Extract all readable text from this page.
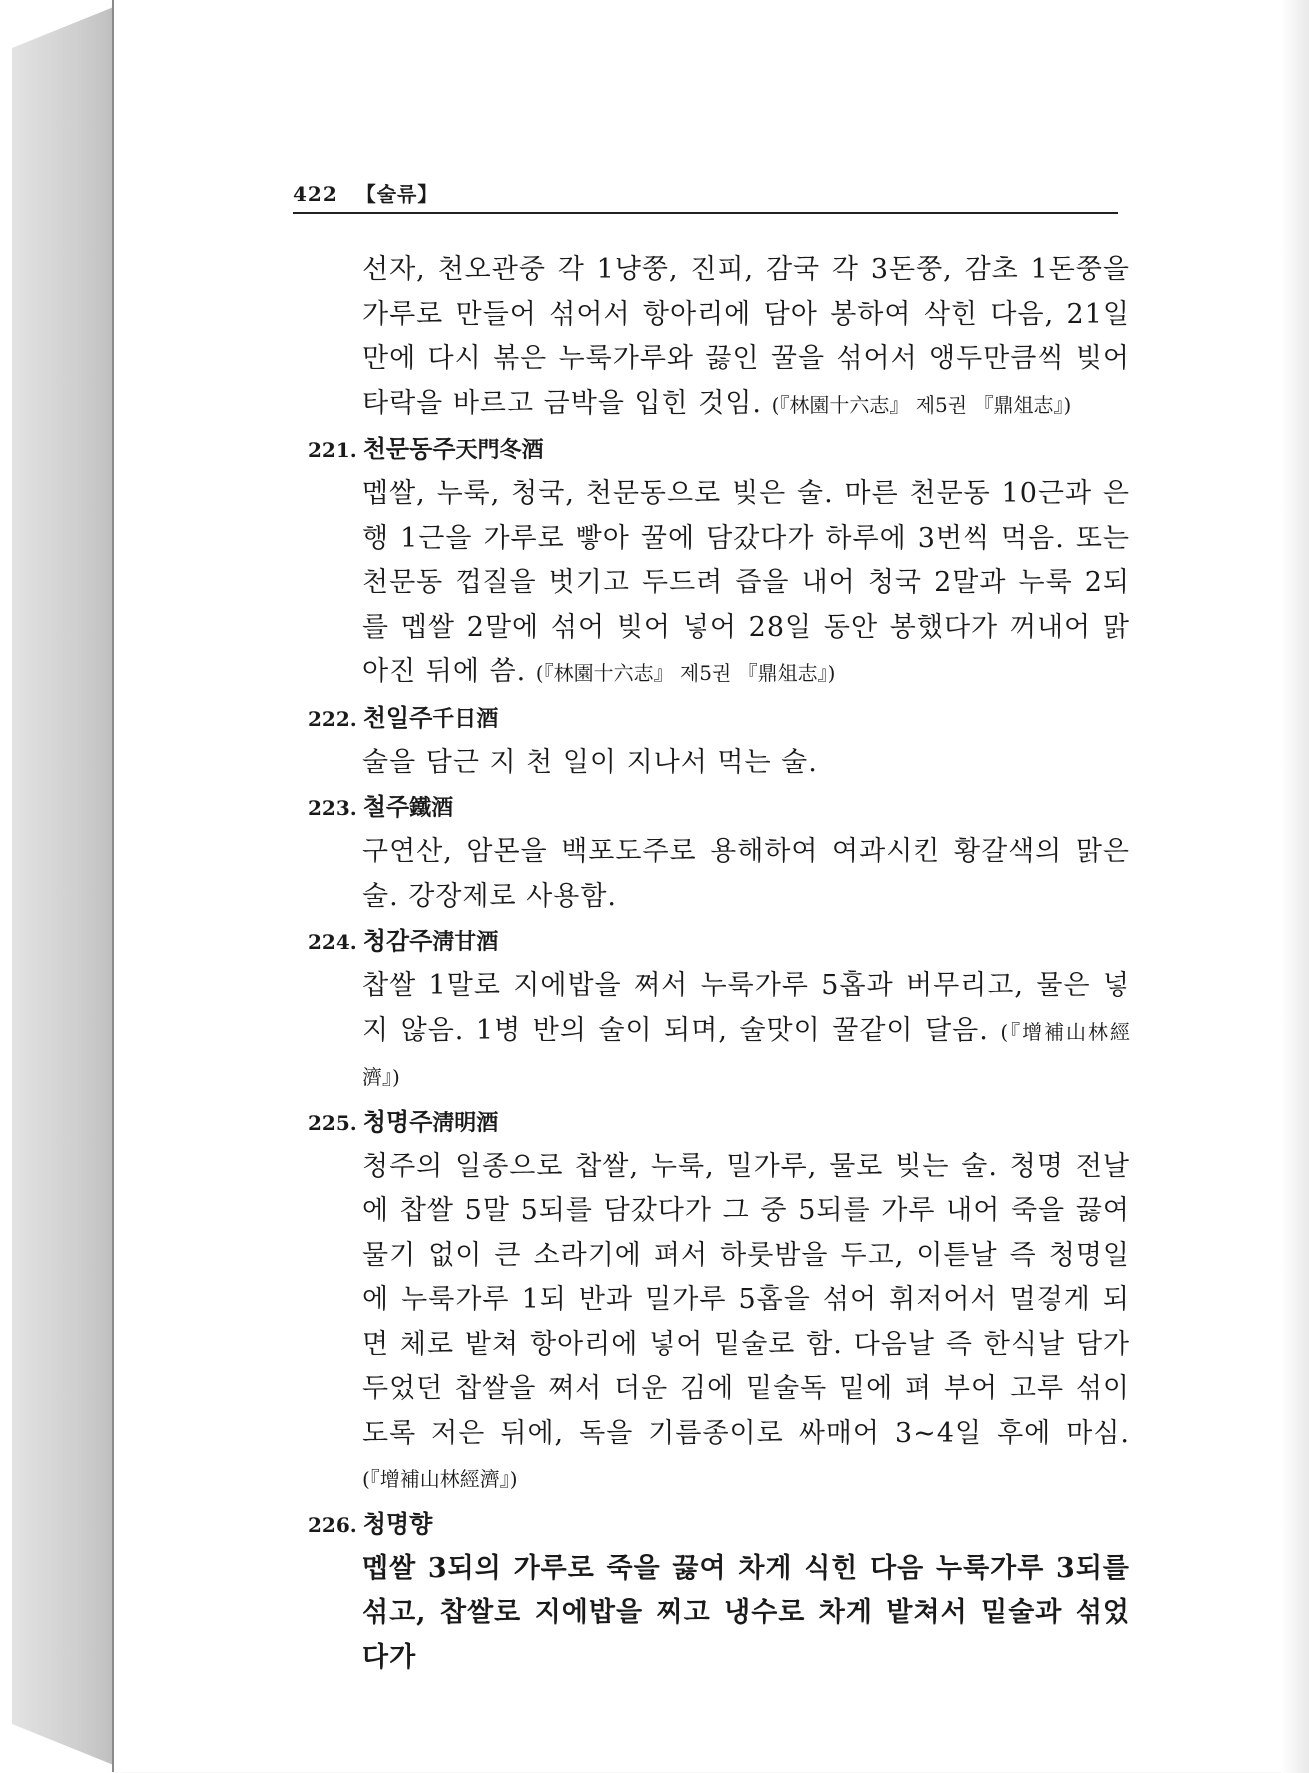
422 【술류】

선자, 천오관중 각 1냥쭝, 진피, 감국 각 3돈쭝, 감초 1돈쭝을 가루로 만들어 섞어서 항아리에 담아 봉하여 삭힌 다음, 21일 만에 다시 볶은 누룩가루와 끓인 꿀을 섞어서 앵두만큼씩 빚어 타락을 바르고 금박을 입힌 것임. (『林園十六志』 제5권 『鼎俎志』)

221. 천문동주天門冬酒

멥쌀, 누룩, 청국, 천문동으로 빚은 술. 마른 천문동 10근과 은행 1근을 가루로 빻아 꿀에 담갔다가 하루에 3번씩 먹음. 또는 천문동 껍질을 벗기고 두드려 즙을 내어 청국 2말과 누룩 2되를 멥쌀 2말에 섞어 빚어 넣어 28일 동안 봉했다가 꺼내어 맑아진 뒤에 씀. (『林園十六志』 제5권 『鼎俎志』)

222. 천일주千日酒

술을 담근 지 천 일이 지나서 먹는 술.

223. 철주鐵酒

구연산, 암몬을 백포도주로 용해하여 여과시킨 황갈색의 맑은 술. 강장제로 사용함.

224. 청감주淸甘酒

찹쌀 1말로 지에밥을 쪄서 누룩가루 5홉과 버무리고, 물은 넣지 않음. 1병 반의 술이 되며, 술맛이 꿀같이 달음. (『增補山林經濟』)

225. 청명주淸明酒

청주의 일종으로 찹쌀, 누룩, 밀가루, 물로 빚는 술. 청명 전날에 찹쌀 5말 5되를 담갔다가 그 중 5되를 가루 내어 죽을 끓여 물기 없이 큰 소라기에 펴서 하룻밤을 두고, 이튿날 즉 청명일에 누룩가루 1되 반과 밀가루 5홉을 섞어 휘저어서 멀겋게 되면 체로 밭쳐 항아리에 넣어 밑술로 함. 다음날 즉 한식날 담가 두었던 찹쌀을 쪄서 더운 김에 밑술독 밑에 펴 부어 고루 섞이도록 저은 뒤에, 독을 기름종이로 싸매어 3~4일 후에 마심. (『增補山林經濟』)

226. 청명향

멥쌀 3되의 가루로 죽을 끓여 차게 식힌 다음 누룩가루 3되를 섞고, 찹쌀로 지에밥을 찌고 냉수로 차게 밭쳐서 밑술과 섞었다가
